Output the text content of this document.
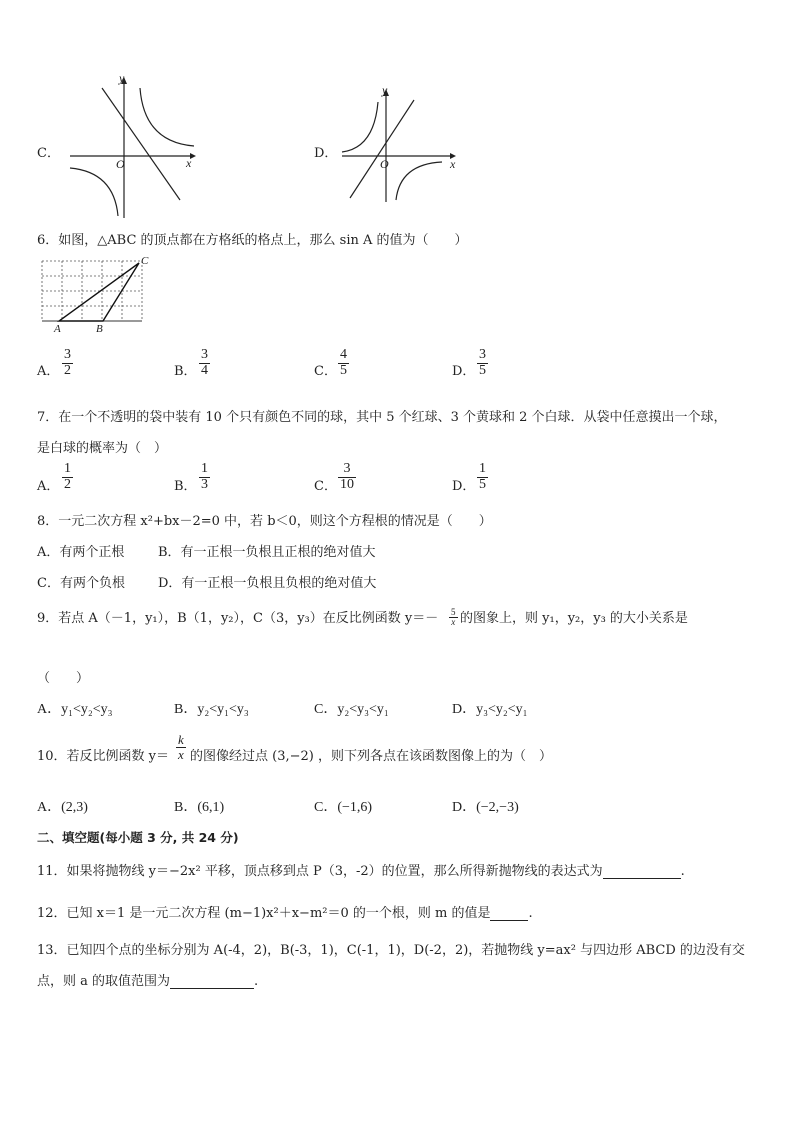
C．
y
x
O
D．
y
x
O
6．如图，△ABC 的顶点都在方格纸的格点上，那么 sin A 的值为（　　）
A	B
C
A．
3
2	B．
3
4	C．
4
5	D．
3
5
7．在一个不透明的袋中装有 10 个只有颜色不同的球，其中 5 个红球、3 个黄球和 2 个白球．从袋中任意摸出一个球，
是白球的概率为（　）
A．
1
2	B．
1
3	C．
3
10	D．
1
5
8．一元二次方程 x²+bx－2=0 中，若 b＜0，则这个方程根的情况是（　　）
A．有两个正根	B．有一正根一负根且正根的绝对值大
C．有两个负根	D．有一正根一负根且负根的绝对值大
9．若点 A（－1，y₁），B（1，y₂），C（3，y₃）在反比例函数 y＝－ 5
x 的图象上，则 y₁，y₂，y₃ 的大小关系是
（　　）
A．y₁<y₂<y₃	B．y₂<y₁<y₃	C．y₂<y₃<y₁	D．y₃<y₂<y₁
10．若反比例函数 y＝
k
x 的图像经过点 (3,−2) ，则下列各点在该函数图像上的为（　）
A．(2,3)	B．(6,1)	C．(−1,6)	D．(−2,−3)
二、填空题(每小题 3 分, 共 24 分)
11．如果将抛物线 y＝−2x² 平移，顶点移到点 P（3，-2）的位置，那么所得新抛物线的表达式为	.
12．已知 x＝1 是一元二次方程 (m−1)x²＋x−m²＝0 的一个根，则 m 的值是	.
13．已知四个点的坐标分别为 A(-4，2)，B(-3，1)，C(-1，1)，D(-2，2)，若抛物线 y=ax² 与四边形 ABCD 的边没有交
点，则 a 的取值范围为	.
